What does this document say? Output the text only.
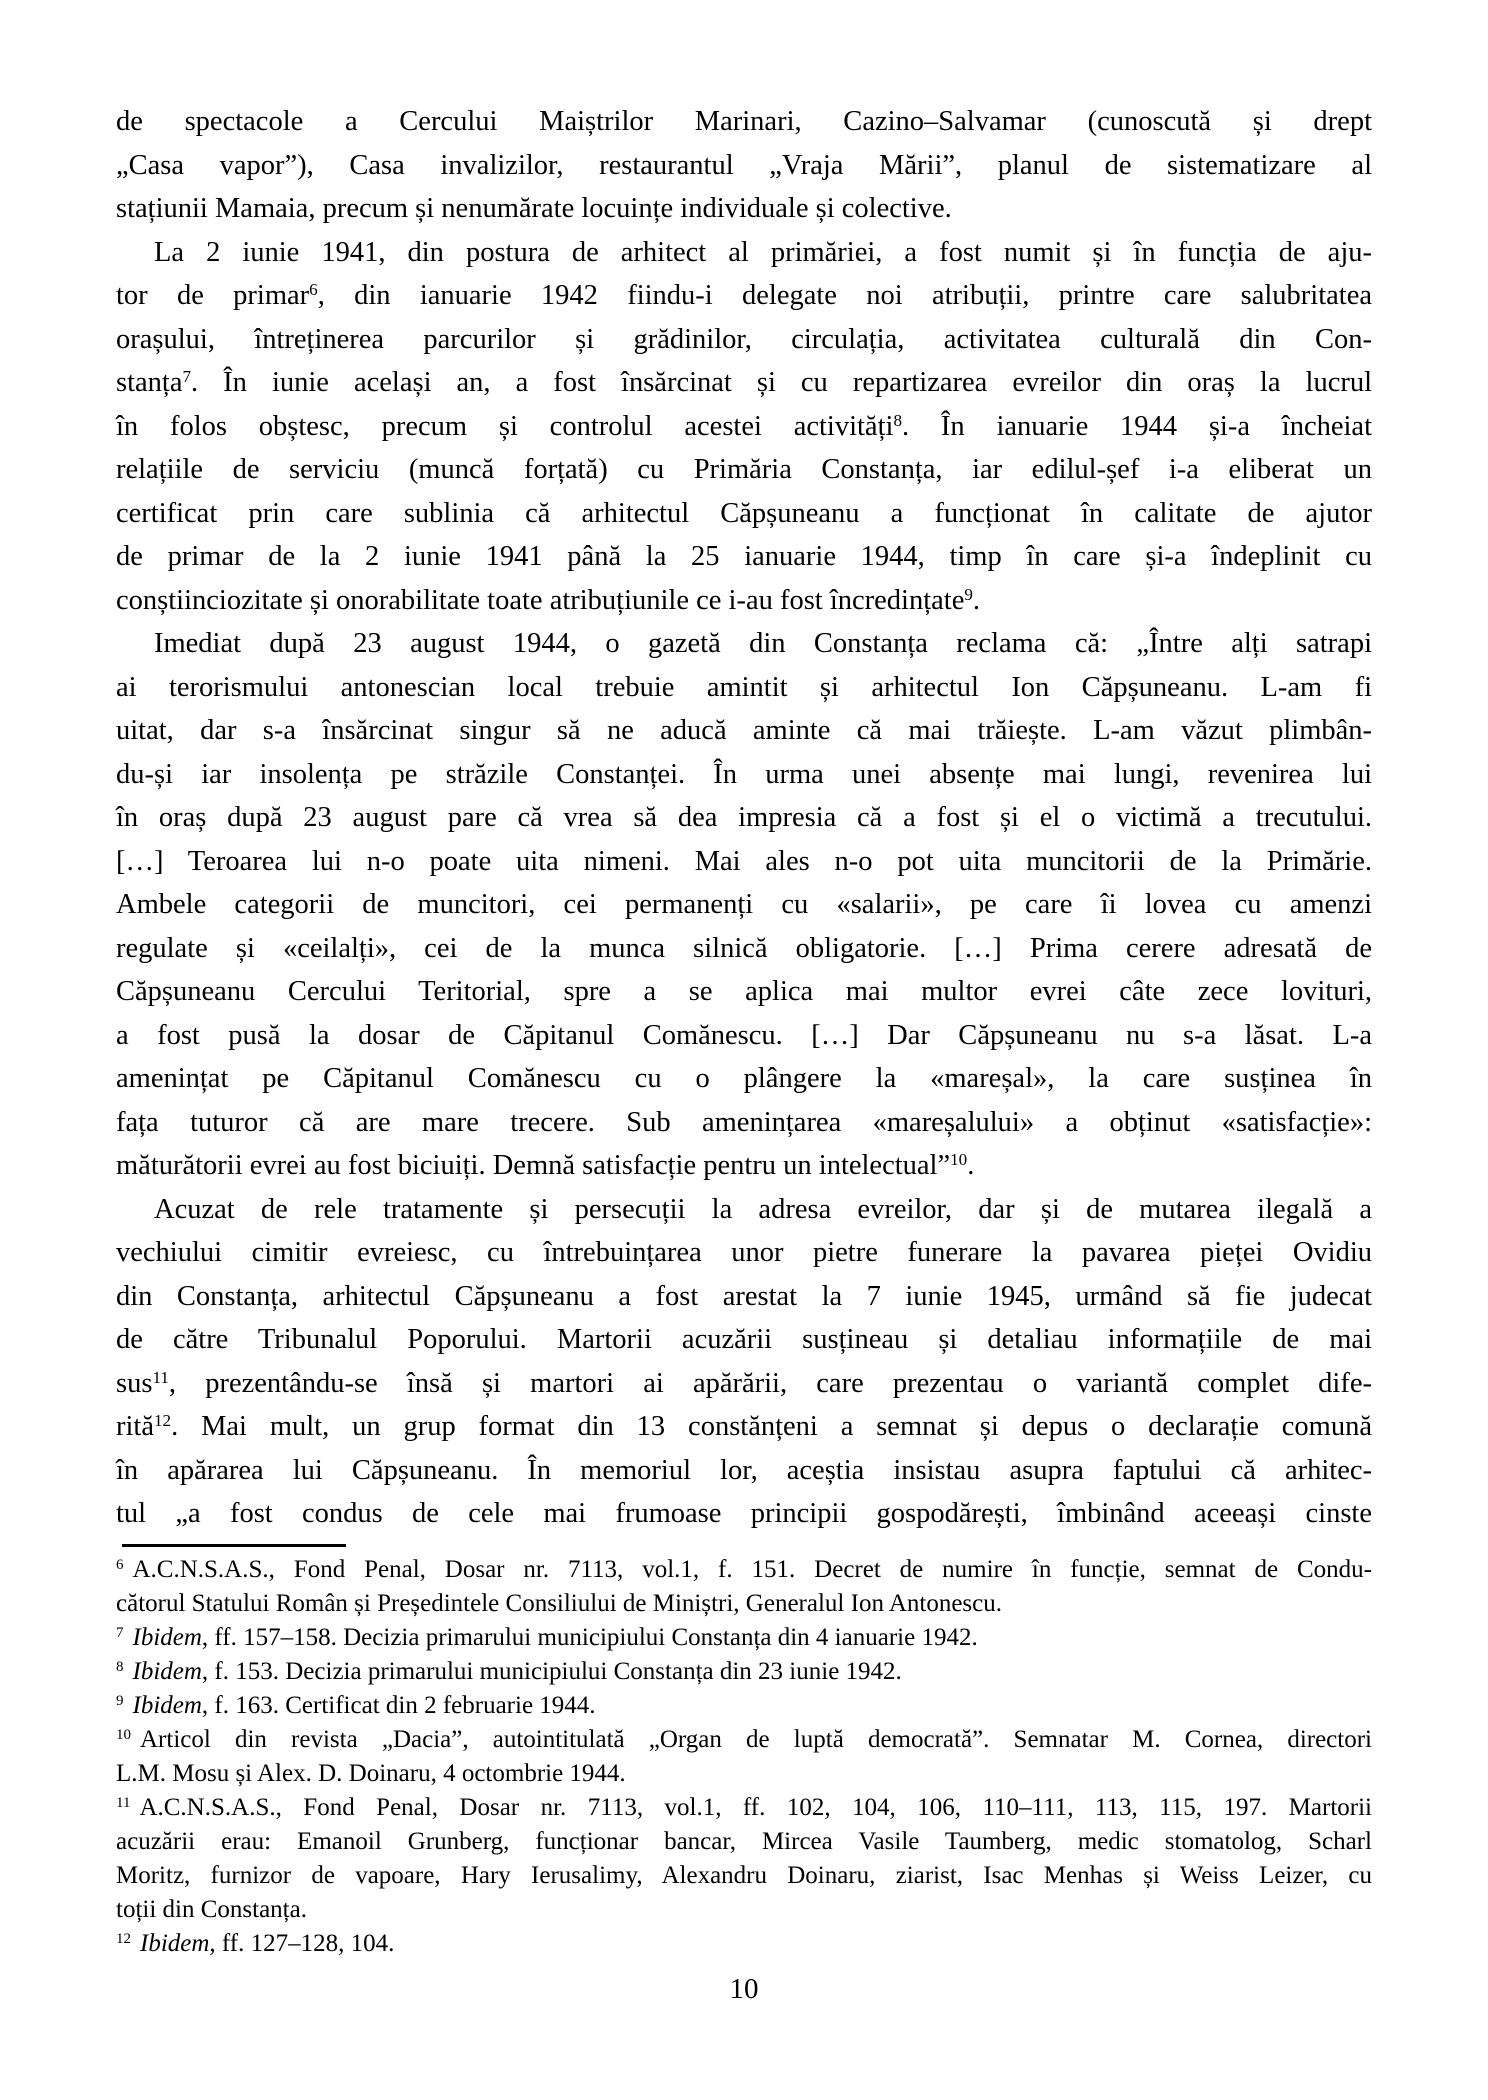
de spectacole a Cercului Maiștrilor Marinari, Cazino–Salvamar (cunoscută și drept
„Casa vapor”), Casa invalizilor, restaurantul „Vraja Mării”, planul de sistematizare al
stațiunii Mamaia, precum și nenumărate locuințe individuale și colective.
La 2 iunie 1941, din postura de arhitect al primăriei, a fost numit și în funcția de aju-
tor de primar$^6$, din ianuarie 1942 fiindu-i delegate noi atribuții, printre care salubritatea
orașului, întreținerea parcurilor și grădinilor, circulația, activitatea culturală din Con-
stanța$^7$. În iunie același an, a fost însărcinat și cu repartizarea evreilor din oraș la lucrul
în folos obștesc, precum și controlul acestei activități$^8$. În ianuarie 1944 și-a încheiat
relațiile de serviciu (muncă forțată) cu Primăria Constanța, iar edilul-șef i-a eliberat un
certificat prin care sublinia că arhitectul Căpșuneanu a funcționat în calitate de ajutor
de primar de la 2 iunie 1941 până la 25 ianuarie 1944, timp în care și-a îndeplinit cu
conștiinciozitate și onorabilitate toate atribuțiunile ce i-au fost încredințate$^9$.
Imediat după 23 august 1944, o gazetă din Constanța reclama că: „Între alți satrapi
ai terorismului antonescian local trebuie amintit și arhitectul Ion Căpșuneanu. L-am fi
uitat, dar s-a însărcinat singur să ne aducă aminte că mai trăiește. L-am văzut plimbân-
du-și iar insolența pe străzile Constanței. În urma unei absențe mai lungi, revenirea lui
în oraș după 23 august pare că vrea să dea impresia că a fost și el o victimă a trecutului.
[…] Teroarea lui n-o poate uita nimeni. Mai ales n-o pot uita muncitorii de la Primărie.
Ambele categorii de muncitori, cei permanenți cu «salarii», pe care îi lovea cu amenzi
regulate și «ceilalți», cei de la munca silnică obligatorie. […] Prima cerere adresată de
Căpșuneanu Cercului Teritorial, spre a se aplica mai multor evrei câte zece lovituri,
a fost pusă la dosar de Căpitanul Comănescu. […] Dar Căpșuneanu nu s-a lăsat. L-a
amenințat pe Căpitanul Comănescu cu o plângere la «mareșal», la care susținea în
fața tuturor că are mare trecere. Sub amenințarea «mareșalului» a obținut «satisfacție»:
măturătorii evrei au fost biciuiți. Demnă satisfacție pentru un intelectual”$^{10}$.
Acuzat de rele tratamente și persecuții la adresa evreilor, dar și de mutarea ilegală a
vechiului cimitir evreiesc, cu întrebuințarea unor pietre funerare la pavarea pieței Ovidiu
din Constanța, arhitectul Căpșuneanu a fost arestat la 7 iunie 1945, urmând să fie judecat
de către Tribunalul Poporului. Martorii acuzării susțineau și detaliau informațiile de mai
sus$^{11}$, prezentându-se însă și martori ai apărării, care prezentau o variantă complet dife-
rită$^{12}$. Mai mult, un grup format din 13 constănțeni a semnat și depus o declarație comună
în apărarea lui Căpșuneanu. În memoriul lor, aceștia insistau asupra faptului că arhitec-
tul „a fost condus de cele mai frumoase principii gospodărești, îmbinând aceeași cinste
$^6$ A.C.N.S.A.S., Fond Penal, Dosar nr. 7113, vol.1, f. 151. Decret de numire în funcție, semnat de Condu-
cătorul Statului Român și Președintele Consiliului de Miniștri, Generalul Ion Antonescu.
$^7$ Ibidem, ff. 157–158. Decizia primarului municipiului Constanța din 4 ianuarie 1942.
$^8$ Ibidem, f. 153. Decizia primarului municipiului Constanța din 23 iunie 1942.
$^9$ Ibidem, f. 163. Certificat din 2 februarie 1944.
$^{10}$ Articol din revista „Dacia”, autointitulată „Organ de luptă democrată”. Semnatar M. Cornea, directori
L.M. Mosu și Alex. D. Doinaru, 4 octombrie 1944.
$^{11}$ A.C.N.S.A.S., Fond Penal, Dosar nr. 7113, vol.1, ff. 102, 104, 106, 110–111, 113, 115, 197. Martorii
acuzării erau: Emanoil Grunberg, funcționar bancar, Mircea Vasile Taumberg, medic stomatolog, Scharl
Moritz, furnizor de vapoare, Hary Ierusalimy, Alexandru Doinaru, ziarist, Isac Menhas și Weiss Leizer, cu
toții din Constanța.
$^{12}$ Ibidem, ff. 127–128, 104.
10
